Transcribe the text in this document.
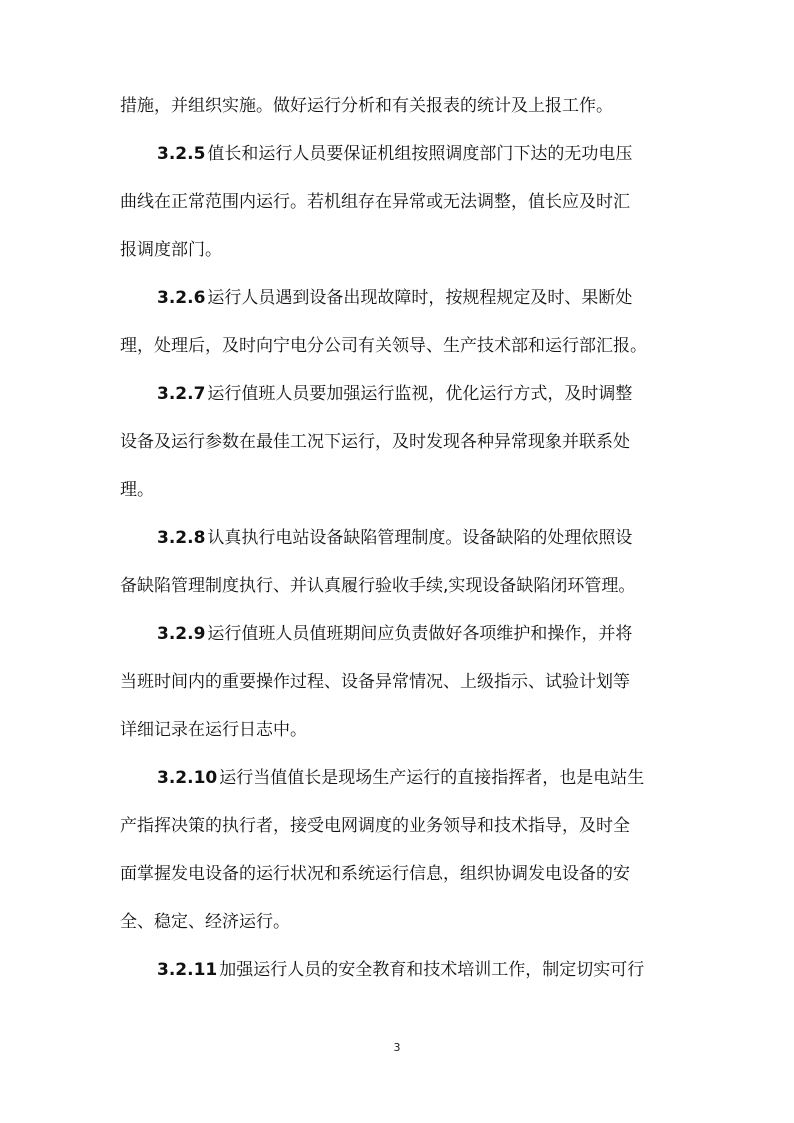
措施，并组织实施。做好运行分析和有关报表的统计及上报工作。
3.2.5 值长和运行人员要保证机组按照调度部门下达的无功电压
曲线在正常范围内运行。若机组存在异常或无法调整，值长应及时汇
报调度部门。
3.2.6 运行人员遇到设备出现故障时，按规程规定及时、果断处
理，处理后，及时向宁电分公司有关领导、生产技术部和运行部汇报。
3.2.7 运行值班人员要加强运行监视，优化运行方式，及时调整
设备及运行参数在最佳工况下运行，及时发现各种异常现象并联系处
理。
3.2.8 认真执行电站设备缺陷管理制度。设备缺陷的处理依照设
备缺陷管理制度执行、并认真履行验收手续,实现设备缺陷闭环管理。
3.2.9 运行值班人员值班期间应负责做好各项维护和操作，并将
当班时间内的重要操作过程、设备异常情况、上级指示、试验计划等
详细记录在运行日志中。
3.2.10 运行当值值长是现场生产运行的直接指挥者，也是电站生
产指挥决策的执行者，接受电网调度的业务领导和技术指导，及时全
面掌握发电设备的运行状况和系统运行信息，组织协调发电设备的安
全、稳定、经济运行。
3.2.11 加强运行人员的安全教育和技术培训工作，制定切实可行
3
